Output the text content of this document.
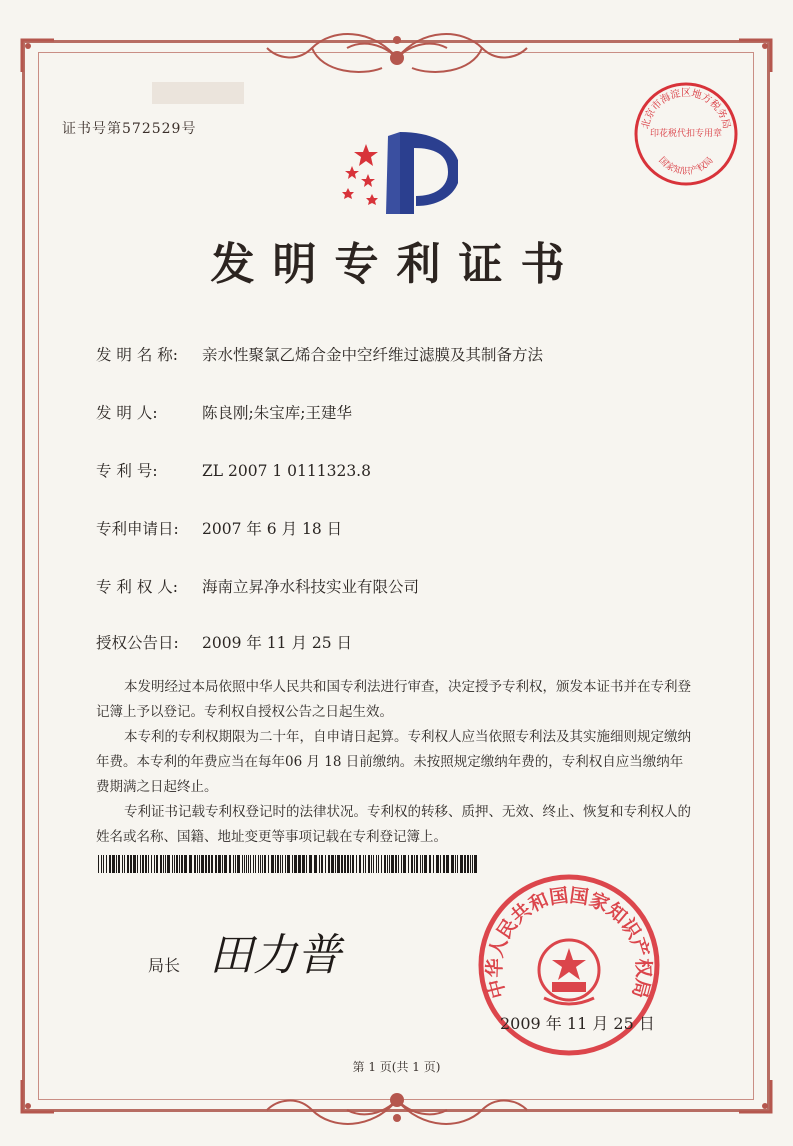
证书号第572529号
发明专利证书
发 明 名 称: 亲水性聚氯乙烯合金中空纤维过滤膜及其制备方法
发 明 人:	陈良刚;朱宝库;王建华
专 利 号:	ZL 2007 1 0111323.8
专利申请日: 2007 年 6 月 18 日
专 利 权 人: 海南立昇净水科技实业有限公司
授权公告日: 2009 年 11 月 25 日

本发明经过本局依照中华人民共和国专利法进行审查，决定授予专利权，颁发本证书并在专利登记簿上予以登记。专利权自授权公告之日起生效。

本专利的专利权期限为二十年，自申请日起算。专利权人应当依照专利法及其实施细则规定缴纳年费。本专利的年费应当在每年06 月 18 日前缴纳。未按照规定缴纳年费的，专利权自应当缴纳年费期满之日起终止。

专利证书记载专利权登记时的法律状况。专利权的转移、质押、无效、终止、恢复和专利权人的姓名或名称、国籍、地址变更等事项记载在专利登记簿上。

局长 田力普
北京市海淀区地方税务局
印花税代扣专用章
国家知识产权局
中华人民共和国国家知识产权局
2009 年 11 月 25 日
第 1 页(共 1 页)
